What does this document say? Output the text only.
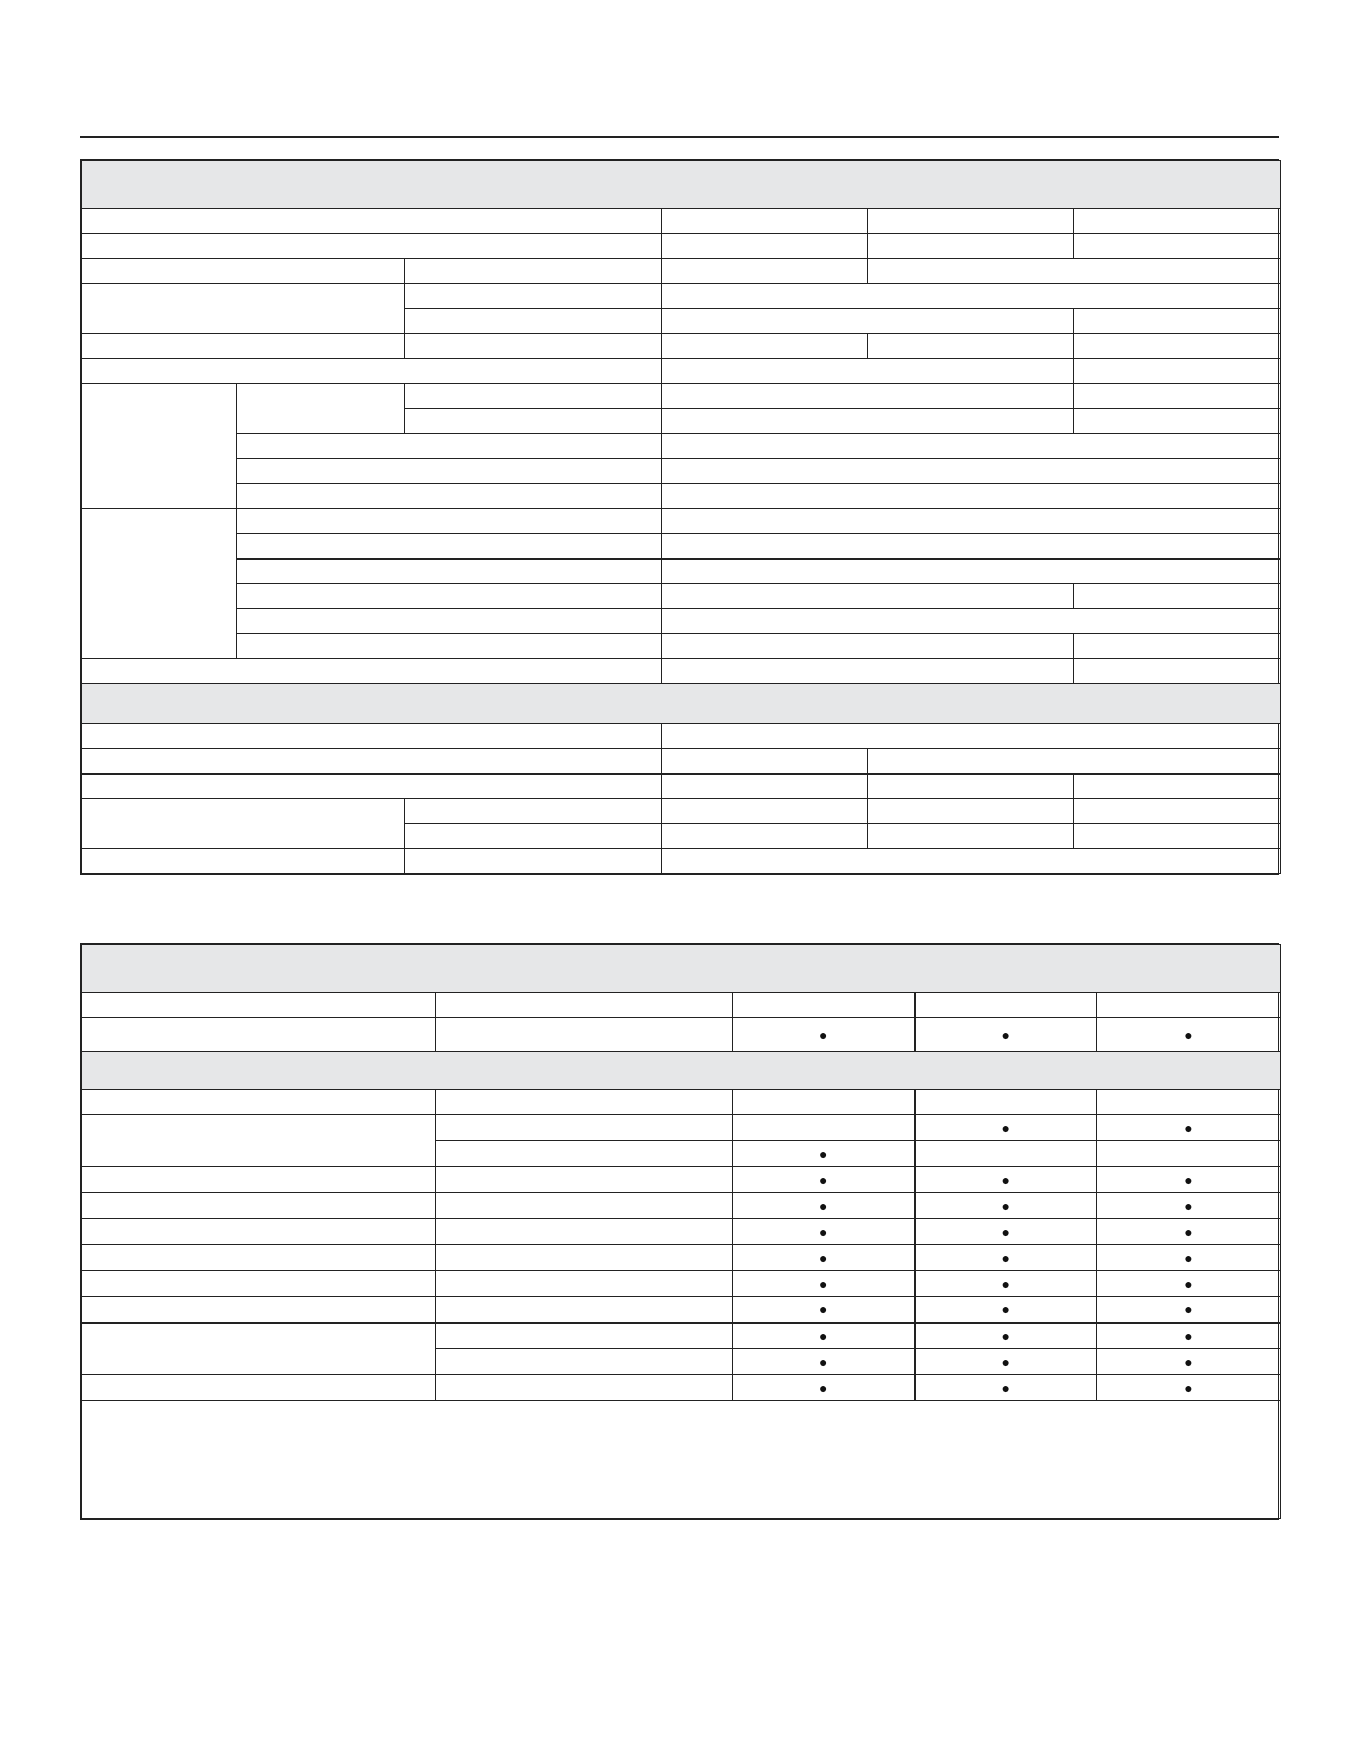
		●	●	●

			●	●
		●		
		●	●	●
		●	●	●
		●	●	●
		●	●	●
		●	●	●
		●	●	●
		●	●	●
		●	●	●
		●	●	●
